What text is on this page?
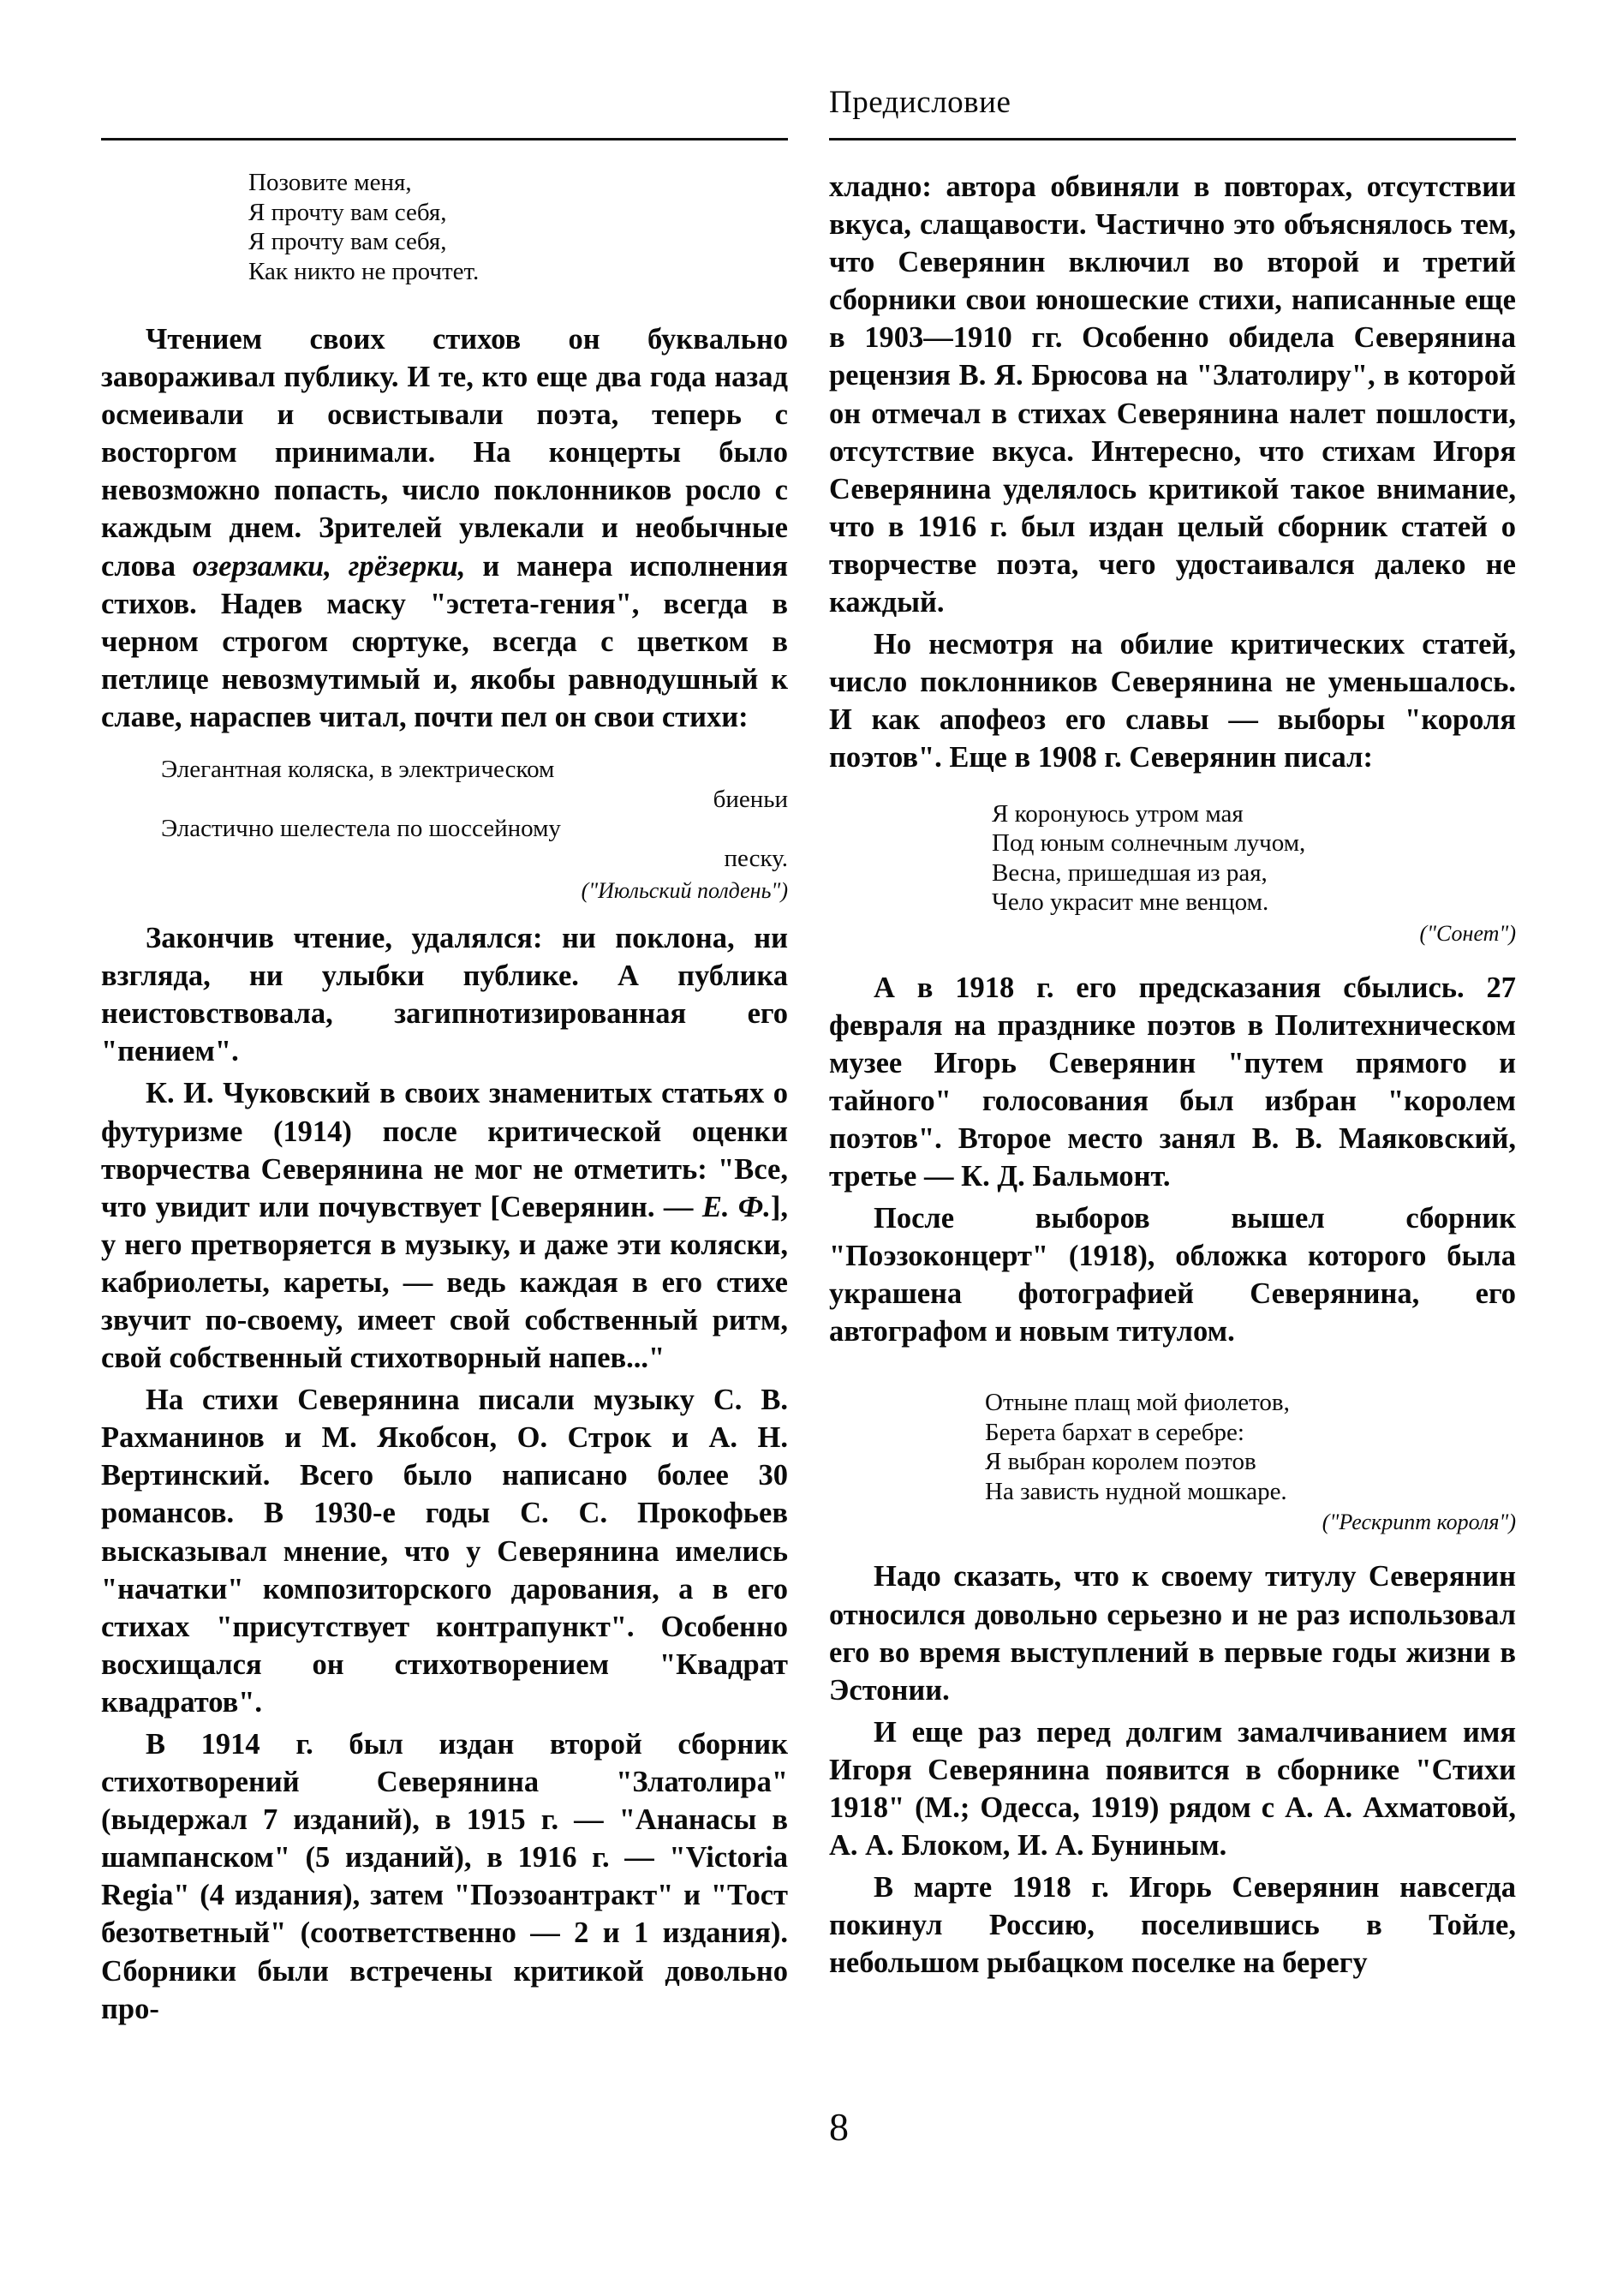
Предисловие
Позовите меня,
Я прочту вам себя,
Я прочту вам себя,
Как никто не прочтет.

Чтением своих стихов он буквально завораживал публику. И те, кто еще два года назад осмеивали и освистывали поэта, теперь с восторгом принимали. На концерты было невозможно попасть, число поклонников росло с каждым днем. Зрителей увлекали и необычные слова озерзамки, грёзерки, и манера исполнения стихов. Надев маску "эстета-гения", всегда в черном строгом сюртуке, всегда с цветком в петлице невозмутимый и, якобы равнодушный к славе, нараспев читал, почти пел он свои стихи:

Элегантная коляска, в электрическом
биеньи
Эластично шелестела по шоссейному
песку.

("Июльский полдень")

Закончив чтение, удалялся: ни поклона, ни взгляда, ни улыбки публике. А публика неистовствовала, загипнотизированная его "пением".

К. И. Чуковский в своих знаменитых статьях о футуризме (1914) после критической оценки творчества Северянина не мог не отметить: "Все, что увидит или почувствует [Северянин. — Е. Ф.], у него претворяется в музыку, и даже эти коляски, кабриолеты, кареты, — ведь каждая в его стихе звучит по-своему, имеет свой собственный ритм, свой собственный стихотворный напев..."

На стихи Северянина писали музыку С. В. Рахманинов и М. Якобсон, О. Строк и А. Н. Вертинский. Всего было написано более 30 романсов. В 1930-е годы С. С. Прокофьев высказывал мнение, что у Северянина имелись "начатки" композиторского дарования, а в его стихах "присутствует контрапункт". Особенно восхищался он стихотворением "Квадрат квадратов".

В 1914 г. был издан второй сборник стихотворений Северянина "Златолира" (выдержал 7 изданий), в 1915 г. — "Ананасы в шампанском" (5 изданий), в 1916 г. — "Victoria Regia" (4 издания), затем "Поэзоантракт" и "Тост безответный" (соответственно — 2 и 1 издания). Сборники были встречены критикой довольно про-

хладно: автора обвиняли в повторах, отсутствии вкуса, слащавости. Частично это объяснялось тем, что Северянин включил во второй и третий сборники свои юношеские стихи, написанные еще в 1903—1910 гг. Особенно обидела Северянина рецензия В. Я. Брюсова на "Златолиру", в которой он отмечал в стихах Северянина налет пошлости, отсутствие вкуса. Интересно, что стихам Игоря Северянина уделялось критикой такое внимание, что в 1916 г. был издан целый сборник статей о творчестве поэта, чего удостаивался далеко не каждый.

Но несмотря на обилие критических статей, число поклонников Северянина не уменьшалось. И как апофеоз его славы — выборы "короля поэтов". Еще в 1908 г. Северянин писал:

Я коронуюсь утром мая
Под юным солнечным лучом,
Весна, пришедшая из рая,
Чело украсит мне венцом.

("Сонет")

А в 1918 г. его предсказания сбылись. 27 февраля на празднике поэтов в Политехническом музее Игорь Северянин "путем прямого и тайного" голосования был избран "королем поэтов". Второе место занял В. В. Маяковский, третье — К. Д. Бальмонт.

После выборов вышел сборник "Поэзоконцерт" (1918), обложка которого была украшена фотографией Северянина, его автографом и новым титулом.

Отныне плащ мой фиолетов,
Берета бархат в серебре:
Я выбран королем поэтов
На зависть нудной мошкаре.

("Рескрипт короля")

Надо сказать, что к своему титулу Северянин относился довольно серьезно и не раз использовал его во время выступлений в первые годы жизни в Эстонии.

И еще раз перед долгим замалчиванием имя Игоря Северянина появится в сборнике "Стихи 1918" (М.; Одесса, 1919) рядом с А. А. Ахматовой, А. А. Блоком, И. А. Буниным.

В марте 1918 г. Игорь Северянин навсегда покинул Россию, поселившись в Тойле, небольшом рыбацком поселке на берегу

8
